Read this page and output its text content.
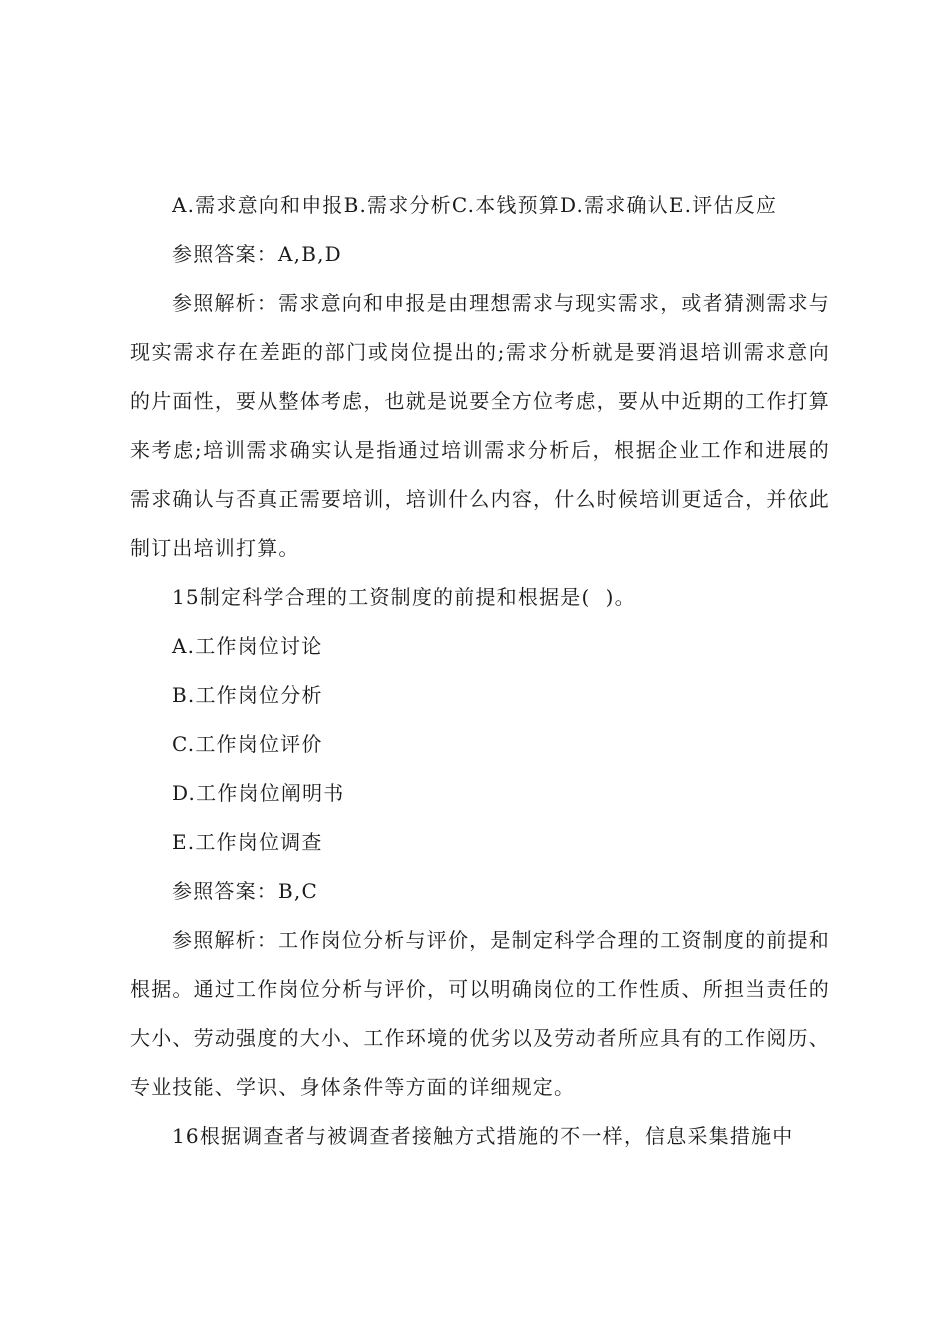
A.需求意向和申报B.需求分析C.本钱预算D.需求确认E.评估反应

参照答案：A,B,D

参照解析：需求意向和申报是由理想需求与现实需求，或者猜测需求与现实需求存在差距的部门或岗位提出的;需求分析就是要消退培训需求意向的片面性，要从整体考虑，也就是说要全方位考虑，要从中近期的工作打算来考虑;培训需求确实认是指通过培训需求分析后，根据企业工作和进展的需求确认与否真正需要培训，培训什么内容，什么时候培训更适合，并依此制订出培训打算。

15制定科学合理的工资制度的前提和根据是(  )。

A.工作岗位讨论

B.工作岗位分析

C.工作岗位评价

D.工作岗位阐明书

E.工作岗位调查

参照答案：B,C

参照解析：工作岗位分析与评价，是制定科学合理的工资制度的前提和根据。通过工作岗位分析与评价，可以明确岗位的工作性质、所担当责任的大小、劳动强度的大小、工作环境的优劣以及劳动者所应具有的工作阅历、专业技能、学识、身体条件等方面的详细规定。

16根据调查者与被调查者接触方式措施的不一样，信息采集措施中
